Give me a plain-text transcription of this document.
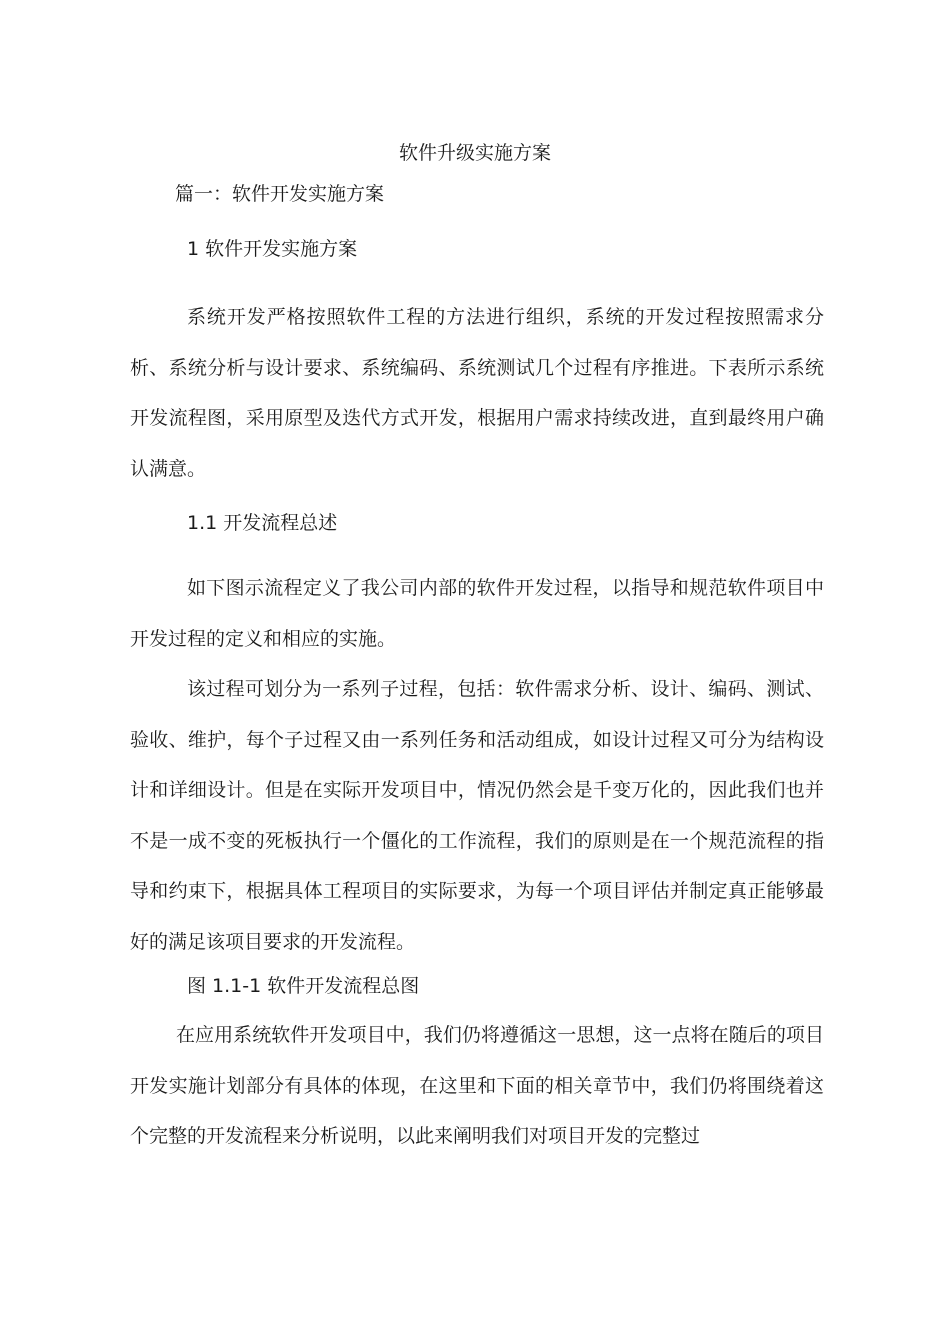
软件升级实施方案
篇一：软件开发实施方案
1 软件开发实施方案

系统开发严格按照软件工程的方法进行组织，系统的开发过程按照需求分析、系统分析与设计要求、系统编码、系统测试几个过程有序推进。下表所示系统开发流程图，采用原型及迭代方式开发，根据用户需求持续改进，直到最终用户确认满意。

1.1 开发流程总述

如下图示流程定义了我公司内部的软件开发过程，以指导和规范软件项目中开发过程的定义和相应的实施。

该过程可划分为一系列子过程，包括：软件需求分析、设计、编码、测试、验收、维护，每个子过程又由一系列任务和活动组成，如设计过程又可分为结构设计和详细设计。但是在实际开发项目中，情况仍然会是千变万化的，因此我们也并不是一成不变的死板执行一个僵化的工作流程，我们的原则是在一个规范流程的指导和约束下，根据具体工程项目的实际要求，为每一个项目评估并制定真正能够最好的满足该项目要求的开发流程。

图 1.1-1 软件开发流程总图

在应用系统软件开发项目中，我们仍将遵循这一思想，这一点将在随后的项目开发实施计划部分有具体的体现，在这里和下面的相关章节中，我们仍将围绕着这个完整的开发流程来分析说明，以此来阐明我们对项目开发的完整过
